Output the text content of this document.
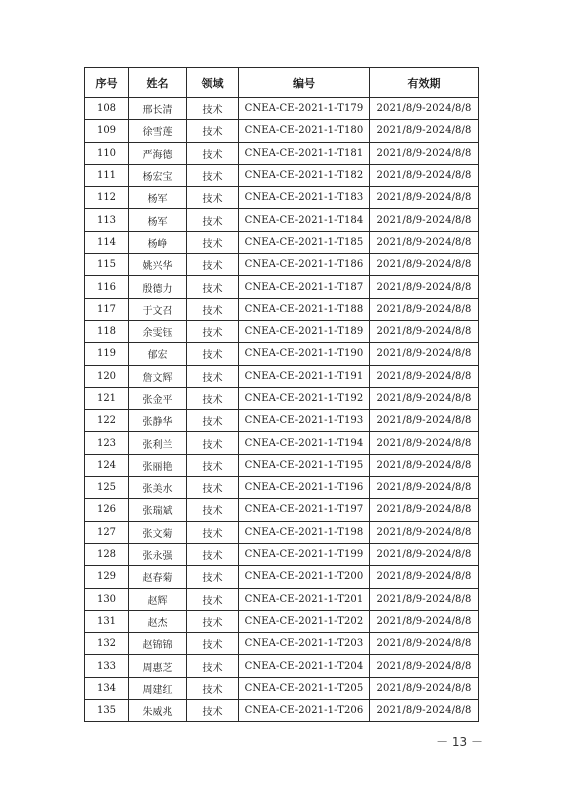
序号	姓名	领域	编号	有效期
108	邢长清	技术	CNEA-CE-2021-1-T179	2021/8/9-2024/8/8
109	徐雪莲	技术	CNEA-CE-2021-1-T180	2021/8/9-2024/8/8
110	严海德	技术	CNEA-CE-2021-1-T181	2021/8/9-2024/8/8
111	杨宏宝	技术	CNEA-CE-2021-1-T182	2021/8/9-2024/8/8
112	杨军	技术	CNEA-CE-2021-1-T183	2021/8/9-2024/8/8
113	杨军	技术	CNEA-CE-2021-1-T184	2021/8/9-2024/8/8
114	杨峥	技术	CNEA-CE-2021-1-T185	2021/8/9-2024/8/8
115	姚兴华	技术	CNEA-CE-2021-1-T186	2021/8/9-2024/8/8
116	殷德力	技术	CNEA-CE-2021-1-T187	2021/8/9-2024/8/8
117	于文召	技术	CNEA-CE-2021-1-T188	2021/8/9-2024/8/8
118	余雯钰	技术	CNEA-CE-2021-1-T189	2021/8/9-2024/8/8
119	郁宏	技术	CNEA-CE-2021-1-T190	2021/8/9-2024/8/8
120	詹文辉	技术	CNEA-CE-2021-1-T191	2021/8/9-2024/8/8
121	张金平	技术	CNEA-CE-2021-1-T192	2021/8/9-2024/8/8
122	张静华	技术	CNEA-CE-2021-1-T193	2021/8/9-2024/8/8
123	张利兰	技术	CNEA-CE-2021-1-T194	2021/8/9-2024/8/8
124	张丽艳	技术	CNEA-CE-2021-1-T195	2021/8/9-2024/8/8
125	张美水	技术	CNEA-CE-2021-1-T196	2021/8/9-2024/8/8
126	张瑞斌	技术	CNEA-CE-2021-1-T197	2021/8/9-2024/8/8
127	张文菊	技术	CNEA-CE-2021-1-T198	2021/8/9-2024/8/8
128	张永强	技术	CNEA-CE-2021-1-T199	2021/8/9-2024/8/8
129	赵春菊	技术	CNEA-CE-2021-1-T200	2021/8/9-2024/8/8
130	赵辉	技术	CNEA-CE-2021-1-T201	2021/8/9-2024/8/8
131	赵杰	技术	CNEA-CE-2021-1-T202	2021/8/9-2024/8/8
132	赵锦锦	技术	CNEA-CE-2021-1-T203	2021/8/9-2024/8/8
133	周惠芝	技术	CNEA-CE-2021-1-T204	2021/8/9-2024/8/8
134	周建红	技术	CNEA-CE-2021-1-T205	2021/8/9-2024/8/8
135	朱威兆	技术	CNEA-CE-2021-1-T206	2021/8/9-2024/8/8
－ 13 －
